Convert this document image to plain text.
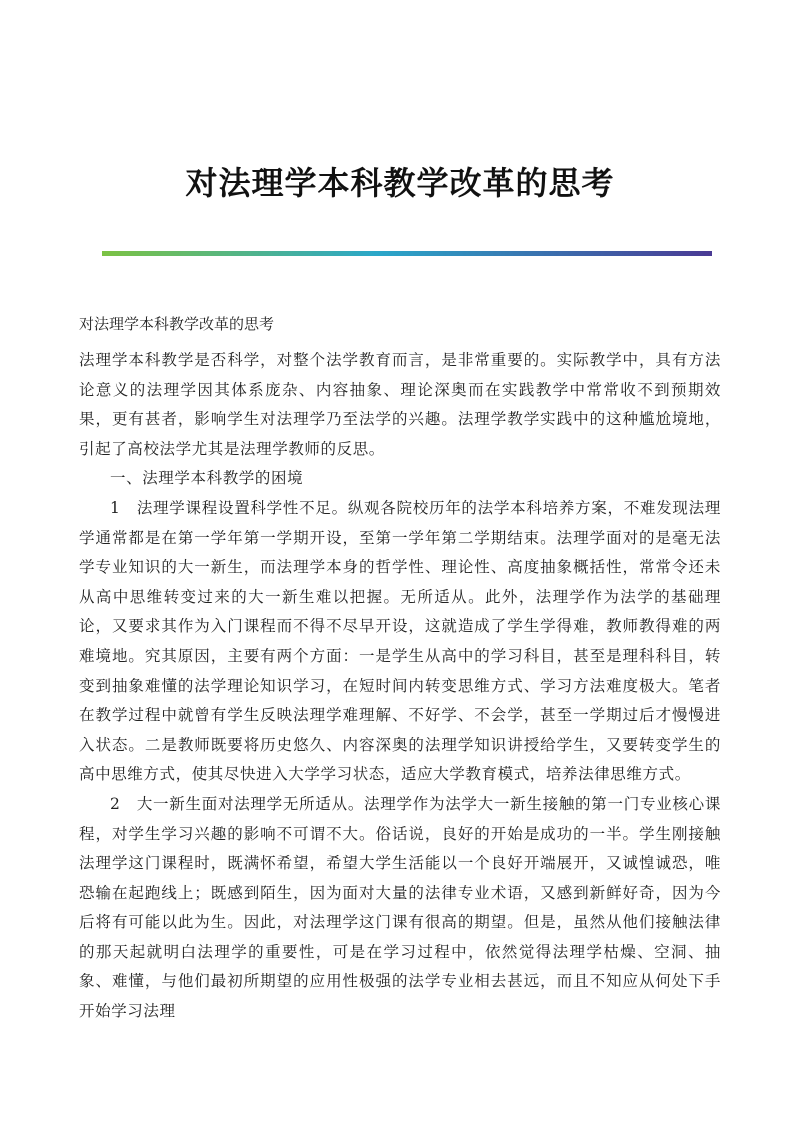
对法理学本科教学改革的思考
对法理学本科教学改革的思考

法理学本科教学是否科学，对整个法学教育而言，是非常重要的。实际教学中，具有方法论意义的法理学因其体系庞杂、内容抽象、理论深奥而在实践教学中常常收不到预期效果，更有甚者，影响学生对法理学乃至法学的兴趣。法理学教学实践中的这种尴尬境地，引起了高校法学尤其是法理学教师的反思。

一、法理学本科教学的困境

1　法理学课程设置科学性不足。纵观各院校历年的法学本科培养方案，不难发现法理学通常都是在第一学年第一学期开设，至第一学年第二学期结束。法理学面对的是毫无法学专业知识的大一新生，而法理学本身的哲学性、理论性、高度抽象概括性，常常令还未从高中思维转变过来的大一新生难以把握。无所适从。此外，法理学作为法学的基础理论，又要求其作为入门课程而不得不尽早开设，这就造成了学生学得难，教师教得难的两难境地。究其原因，主要有两个方面：一是学生从高中的学习科目，甚至是理科科目，转变到抽象难懂的法学理论知识学习，在短时间内转变思维方式、学习方法难度极大。笔者在教学过程中就曾有学生反映法理学难理解、不好学、不会学，甚至一学期过后才慢慢进入状态。二是教师既要将历史悠久、内容深奥的法理学知识讲授给学生，又要转变学生的高中思维方式，使其尽快进入大学学习状态，适应大学教育模式，培养法律思维方式。

2　大一新生面对法理学无所适从。法理学作为法学大一新生接触的第一门专业核心课程，对学生学习兴趣的影响不可谓不大。俗话说，良好的开始是成功的一半。学生刚接触法理学这门课程时，既满怀希望，希望大学生活能以一个良好开端展开，又诚惶诚恐，唯恐输在起跑线上；既感到陌生，因为面对大量的法律专业术语，又感到新鲜好奇，因为今后将有可能以此为生。因此，对法理学这门课有很高的期望。但是，虽然从他们接触法律的那天起就明白法理学的重要性，可是在学习过程中，依然觉得法理学枯燥、空洞、抽象、难懂，与他们最初所期望的应用性极强的法学专业相去甚远，而且不知应从何处下手开始学习法理
